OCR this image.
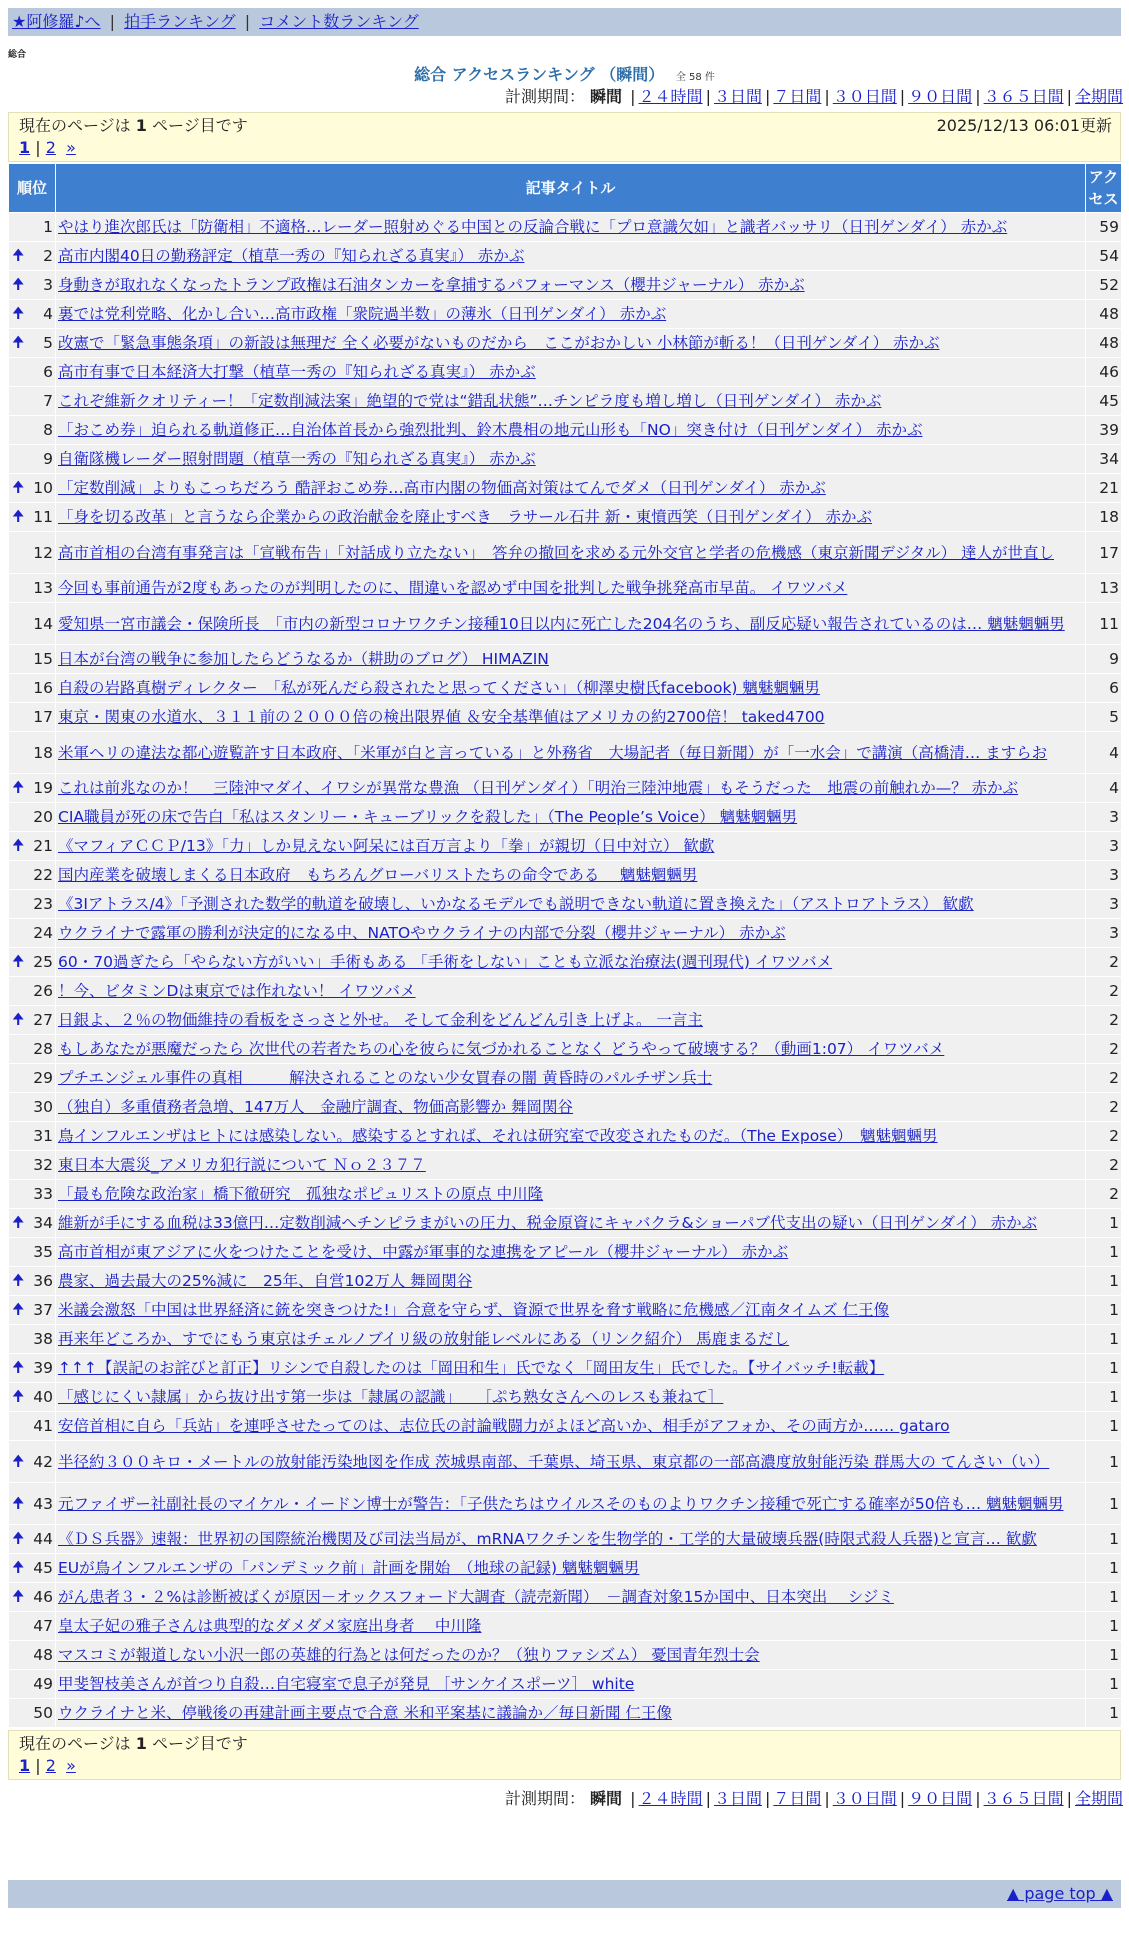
★阿修羅♪へ | 拍手ランキング | コメント数ランキング
総合
総合 アクセスランキング （瞬間） 全 58 件
計測期間： 瞬間 | ２４時間 | ３日間 | ７日間 | ３０日間 | ９０日間 | ３６５日間 | 全期間
現在のページは 1 ページ目です	2025/12/13 06:01更新
1 | 2 »
順位	記事タイトル	アクセス
1	やはり進次郎氏は「防衛相」不適格…レーダー照射めぐる中国との反論合戦に「プロ意識欠如」と識者バッサリ（日刊ゲンダイ） 赤かぶ	59

🠉 2	高市内閣40日の勤務評定（植草一秀の『知られざる真実』） 赤かぶ	54

🠉 3	身動きが取れなくなったトランプ政権は石油タンカーを拿捕するパフォーマンス（櫻井ジャーナル） 赤かぶ	52

🠉 4	裏では党利党略、化かし合い…高市政権「衆院過半数」の薄氷（日刊ゲンダイ） 赤かぶ	48

🠉 5	改憲で「緊急事態条項」の新設は無理だ 全く必要がないものだから　ここがおかしい 小林節が斬る！（日刊ゲンダイ） 赤かぶ	48
6	高市有事で日本経済大打撃（植草一秀の『知られざる真実』） 赤かぶ	46
7	これぞ維新クオリティー！「定数削減法案」絶望的で党は“錯乱状態”…チンピラ度も増し増し（日刊ゲンダイ） 赤かぶ	45
8	「おこめ券」迫られる軌道修正…自治体首長から強烈批判、鈴木農相の地元山形も「NO」突き付け（日刊ゲンダイ） 赤かぶ	39
9	自衛隊機レーダー照射問題（植草一秀の『知られざる真実』） 赤かぶ	34

🠉 10	「定数削減」よりもこっちだろう 酷評おこめ券…高市内閣の物価高対策はてんでダメ（日刊ゲンダイ） 赤かぶ	21

🠉 11	「身を切る改革」と言うなら企業からの政治献金を廃止すべき　ラサール石井 新・東憤西笑（日刊ゲンダイ） 赤かぶ	18
12	高市首相の台湾有事発言は「宣戦布告」「対話成り立たない」　答弁の撤回を求める元外交官と学者の危機感（東京新聞デジタル） 達人が世直し	17
13	今回も事前通告が2度もあったのが判明したのに、間違いを認めず中国を批判した戦争挑発高市早苗。 イワツバメ	13
14	愛知県一宮市議会・保険所長　「市内の新型コロナワクチン接種10日以内に死亡した204名のうち、副反応疑い報告されているのは… 魑魅魍魎男	11
15	日本が台湾の戦争に参加したらどうなるか（耕助のブログ） HIMAZIN	9
16	自殺の岩路真樹ディレクター　「私が死んだら殺されたと思ってください」（柳澤史樹氏facebook) 魑魅魍魎男	6
17	東京・関東の水道水、３１１前の２０００倍の検出限界値 ＆安全基準値はアメリカの約2700倍！ taked4700	5
18	米軍ヘリの違法な都心遊覧許す日本政府、「米軍が白と言っている」と外務省　大場記者（毎日新聞）が「一水会」で講演（高橋清… ますらお	4

🠉 19	これは前兆なのか！　三陸沖マダイ、イワシが異常な豊漁 （日刊ゲンダイ）「明治三陸沖地震」もそうだった　地震の前触れか—？ 赤かぶ	4
20	CIA職員が死の床で告白「私はスタンリー・キューブリックを殺した」（The People’s Voice） 魑魅魍魎男	3

🠉 21	《マフィアＣＣＰ/13》「力」しか見えない阿呆には百万言より「拳」が親切（日中対立） 歓歔	3
22	国内産業を破壊しまくる日本政府　もちろんグローバリストたちの命令である　 魑魅魍魎男	3
23	《3Iアトラス/4》「予測された数学的軌道を破壊し、いかなるモデルでも説明できない軌道に置き換えた」（アストロアトラス） 歓歔	3
24	ウクライナで露軍の勝利が決定的になる中、NATOやウクライナの内部で分裂（櫻井ジャーナル） 赤かぶ	3

🠉 25	60・70過ぎたら「やらない方がいい」手術もある 「手術をしない」ことも立派な治療法(週刊現代) イワツバメ	2
26	！今、ビタミンDは東京では作れない！ イワツバメ	2

🠉 27	日銀よ、２％の物価維持の看板をさっさと外せ。 そして金利をどんどん引き上げよ。 一言主	2
28	もしあなたが悪魔だったら 次世代の若者たちの心を彼らに気づかれることなく どうやって破壊する？（動画1:07） イワツバメ	2
29	プチエンジェル事件の真相　　　解決されることのない少女買春の闇 黄昏時のパルチザン兵士	2
30	（独自）多重債務者急増、147万人　金融庁調査、物価高影響か 舞岡関谷	2
31	鳥インフルエンザはヒトには感染しない。感染するとすれば、それは研究室で改変されたものだ。（The Expose）　魑魅魍魎男	2
32	東日本大震災_アメリカ犯行説について Ｎｏ２３７７	2
33	「最も危険な政治家」橋下徹研究　孤独なポピュリストの原点 中川隆	2

🠉 34	維新が手にする血税は33億円…定数削減へチンピラまがいの圧力、税金原資にキャバクラ&ショーパブ代支出の疑い（日刊ゲンダイ） 赤かぶ	1
35	高市首相が東アジアに火をつけたことを受け、中露が軍事的な連携をアピール（櫻井ジャーナル） 赤かぶ	1

🠉 36	農家、過去最大の25%減に　25年、自営102万人 舞岡関谷	1

🠉 37	米議会激怒「中国は世界経済に銃を突きつけた!」合意を守らず、資源で世界を脅す戦略に危機感／江南タイムズ 仁王像	1
38	再来年どころか、すでにもう東京はチェルノブイリ級の放射能レベルにある（リンク紹介） 馬鹿まるだし	1

🠉 39	↑↑↑【誤記のお詫びと訂正】リシンで自殺したのは「岡田和生」氏でなく「岡田友生」氏でした。【サイバッチ!転載】	1

🠉 40	「感じにくい隷属」から抜け出す第一歩は「隷属の認識」　　［ぷち熟女さんへのレスも兼ねて］	1
41	安倍首相に自ら「兵站」を連呼させたってのは、志位氏の討論戦闘力がよほど高いか、相手がアフォか、その両方か…… gataro	1

🠉 42	半径約３００キロ・メートルの放射能汚染地図を作成 茨城県南部、千葉県、埼玉県、東京都の一部高濃度放射能汚染 群馬大の てんさい（い）	1

🠉 43	元ファイザー社副社長のマイケル・イードン博士が警告：「子供たちはウイルスそのものよりワクチン接種で死亡する確率が50倍も… 魑魅魍魎男	1

🠉 44	《ＤＳ兵器》速報：世界初の国際統治機関及び司法当局が、mRNAワクチンを生物学的・工学的大量破壊兵器(時限式殺人兵器)と宣言… 歓歔	1

🠉 45	EUが鳥インフルエンザの「パンデミック前」計画を開始　（地球の記録) 魑魅魍魎男	1

🠉 46	がん患者３・２%は診断被ばくが原因－オックスフォード大調査（読売新聞）　－調査対象15か国中、日本突出　 シジミ	1
47	皇太子妃の雅子さんは典型的なダメダメ家庭出身者　 中川隆	1
48	マスコミが報道しない小沢一郎の英雄的行為とは何だったのか？（独りファシズム） 憂国青年烈士会	1
49	甲斐智枝美さんが首つり自殺…自宅寝室で息子が発見 ［サンケイスポーツ］ white	1
50	ウクライナと米、停戦後の再建計画主要点で合意 米和平案基に議論か／毎日新聞 仁王像	1
現在のページは 1 ページ目です
1 | 2 »
計測期間： 瞬間 | ２４時間 | ３日間 | ７日間 | ３０日間 | ９０日間 | ３６５日間 | 全期間
▲ page top ▲
